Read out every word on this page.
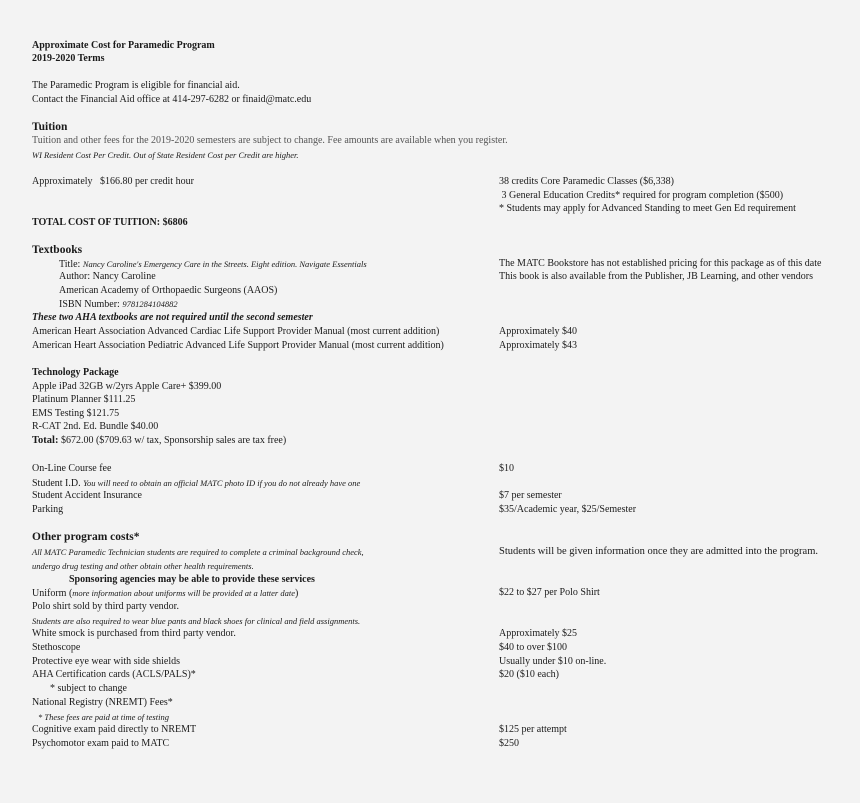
Approximate Cost for Paramedic Program
2019-2020 Terms
The Paramedic Program is eligible for financial aid.
Contact the Financial Aid office at 414-297-6282 or finaid@matc.edu
Tuition
Tuition and other fees for the 2019-2020 semesters are subject to change. Fee amounts are available when you register.
WI Resident Cost Per Credit. Out of State Resident Cost per Credit are higher.
Approximately   $166.80 per credit hour	38 credits Core Paramedic Classes ($6,338)
3 General Education Credits* required for program completion ($500)
* Students may apply for Advanced Standing to meet Gen Ed requirement
TOTAL COST OF TUITION: $6806
Textbooks
Title: Nancy Caroline's Emergency Care in the Streets. Eight edition. Navigate Essentials	The MATC Bookstore has not established pricing for this package as of this date
Author: Nancy Caroline	This book is also available from the Publisher, JB Learning, and other vendors
American Academy of Orthopaedic Surgeons (AAOS)
ISBN Number: 9781284104882
These two AHA textbooks are not required until the second semester
American Heart Association Advanced Cardiac Life Support Provider Manual (most current addition)	Approximately $40
American Heart Association Pediatric Advanced Life Support Provider Manual (most current addition)	Approximately $43
Technology Package
Apple iPad 32GB w/2yrs Apple Care+ $399.00
Platinum Planner $111.25
EMS Testing $121.75
R-CAT 2nd. Ed. Bundle $40.00
Total: $672.00 ($709.63 w/ tax, Sponsorship sales are tax free)
On-Line Course fee	$10
Student I.D. You will need to obtain an official MATC photo ID if you do not already have one
Student Accident Insurance	$7 per semester
Parking	$35/Academic year, $25/Semester
Other program costs*
All MATC Paramedic Technician students are required to complete a criminal background check,	Students will be given information once they are admitted into the program.
undergo drug testing and other obtain other health requirements.
Sponsoring agencies may be able to provide these services
Uniform (more information about uniforms will be provided at a latter date)	$22 to $27 per Polo Shirt
Polo shirt sold by third party vendor.
Students are also required to wear blue pants and black shoes for clinical and field assignments.
White smock is purchased from third party vendor.	Approximately $25
Stethoscope	$40 to over $100
Protective eye wear with side shields	Usually under $10 on-line.
AHA Certification cards (ACLS/PALS)*	$20 ($10 each)
* subject to change
National Registry (NREMT) Fees*
* These fees are paid at time of testing
Cognitive exam paid directly to NREMT	$125 per attempt
Psychomotor exam paid to MATC	$250
